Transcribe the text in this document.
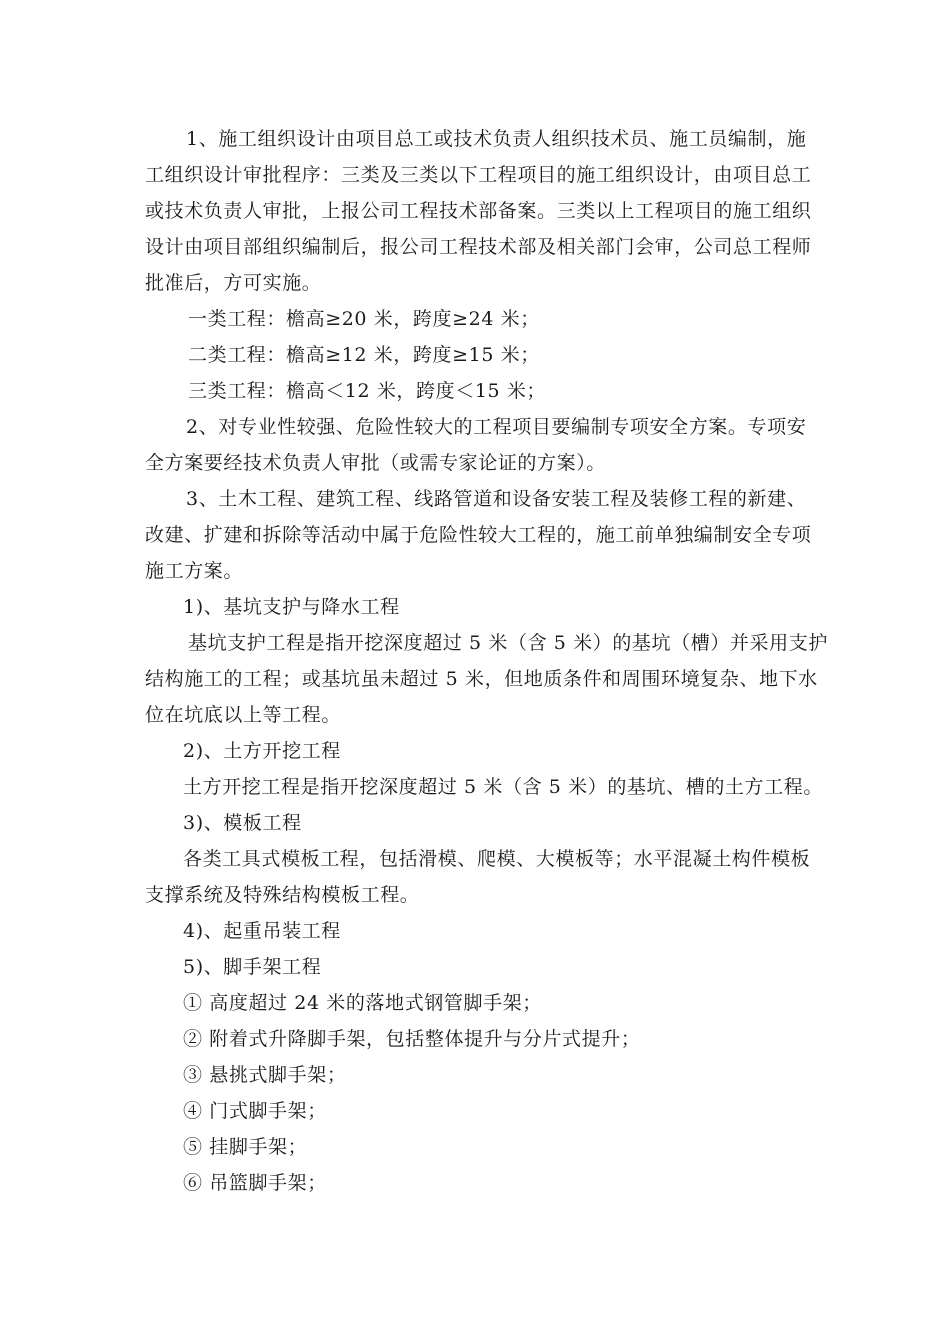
1、施工组织设计由项目总工或技术负责人组织技术员、施工员编制，施
工组织设计审批程序：三类及三类以下工程项目的施工组织设计，由项目总工
或技术负责人审批，上报公司工程技术部备案。三类以上工程项目的施工组织
设计由项目部组织编制后，报公司工程技术部及相关部门会审，公司总工程师
批准后，方可实施。
一类工程：檐高≥20 米，跨度≥24 米；
二类工程：檐高≥12 米，跨度≥15 米；
三类工程：檐高＜12 米，跨度＜15 米；
2、对专业性较强、危险性较大的工程项目要编制专项安全方案。专项安
全方案要经技术负责人审批（或需专家论证的方案）。
3、土木工程、建筑工程、线路管道和设备安装工程及装修工程的新建、
改建、扩建和拆除等活动中属于危险性较大工程的，施工前单独编制安全专项
施工方案。
1)、基坑支护与降水工程
基坑支护工程是指开挖深度超过 5 米（含 5 米）的基坑（槽）并采用支护
结构施工的工程；或基坑虽未超过 5 米，但地质条件和周围环境复杂、地下水
位在坑底以上等工程。
2)、土方开挖工程
土方开挖工程是指开挖深度超过 5 米（含 5 米）的基坑、槽的土方工程。
3)、模板工程
各类工具式模板工程，包括滑模、爬模、大模板等；水平混凝土构件模板
支撑系统及特殊结构模板工程。
4)、起重吊装工程
5)、脚手架工程
① 高度超过 24 米的落地式钢管脚手架；
② 附着式升降脚手架，包括整体提升与分片式提升；
③ 悬挑式脚手架；
④ 门式脚手架；
⑤ 挂脚手架；
⑥ 吊篮脚手架；
